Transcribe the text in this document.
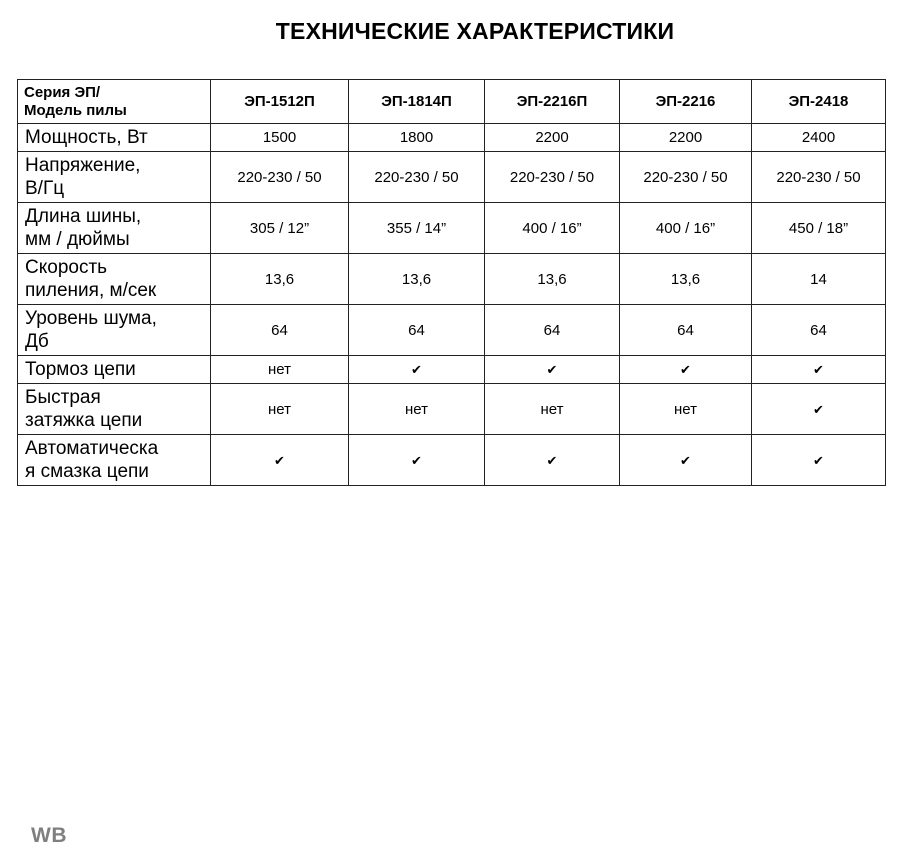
ТЕХНИЧЕСКИЕ ХАРАКТЕРИСТИКИ
Серия ЭП/
Модель пилы	ЭП-1512П	ЭП-1814П	ЭП-2216П	ЭП-2216	ЭП-2418
Мощность, Вт	1500	1800	2200	2200	2400
Напряжение,
В/Гц	220-230 / 50	220-230 / 50	220-230 / 50	220-230 / 50	220-230 / 50
Длина шины,
мм / дюймы	305 / 12”	355 / 14”	400 / 16”	400 / 16”	450 / 18”
Скорость
пиления, м/сек	13,6	13,6	13,6	13,6	14
Уровень шума,
Дб	64	64	64	64	64
Тормоз цепи	нет	✔	✔	✔	✔
Быстрая
затяжка цепи	нет	нет	нет	нет	✔
Автоматическа
я смазка цепи	✔	✔	✔	✔	✔
WB
